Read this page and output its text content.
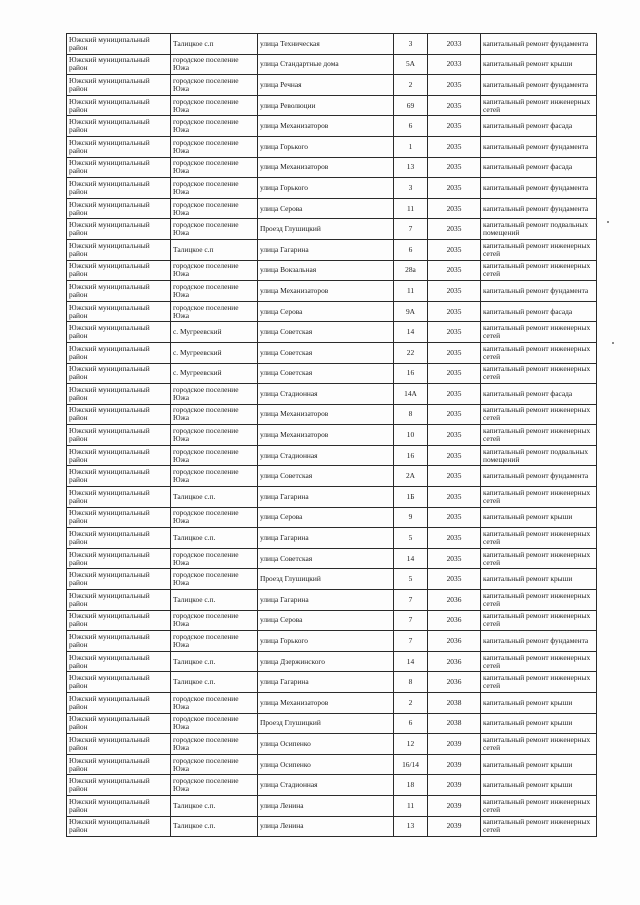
Южский муниципальный район	Талицкое с.п	улица Техническая	3	2033	капитальный ремонт фундамента
Южский муниципальный район	городское поселение Южа	улица Стандартные дома	5А	2033	капитальный ремонт крыши
Южский муниципальный район	городское поселение Южа	улица Речная	2	2035	капитальный ремонт фундамента
Южский муниципальный район	городское поселение Южа	улица Революции	69	2035	капитальный ремонт инженерных сетей
Южский муниципальный район	городское поселение Южа	улица Механизаторов	6	2035	капитальный ремонт фасада
Южский муниципальный район	городское поселение Южа	улица Горького	1	2035	капитальный ремонт фундамента
Южский муниципальный район	городское поселение Южа	улица Механизаторов	13	2035	капитальный ремонт фасада
Южский муниципальный район	городское поселение Южа	улица Горького	3	2035	капитальный ремонт фундамента
Южский муниципальный район	городское поселение Южа	улица Серова	11	2035	капитальный ремонт фундамента
Южский муниципальный район	городское поселение Южа	Проезд Глушицкий	7	2035	капитальный ремонт подвальных помещений
Южский муниципальный район	Талицкое с.п	улица Гагарина	6	2035	капитальный ремонт инженерных сетей
Южский муниципальный район	городское поселение Южа	улица Вокзальная	28а	2035	капитальный ремонт инженерных сетей
Южский муниципальный район	городское поселение Южа	улица Механизаторов	11	2035	капитальный ремонт фундамента
Южский муниципальный район	городское поселение Южа	улица Серова	9А	2035	капитальный ремонт фасада
Южский муниципальный район	с. Мугреевский	улица Советская	14	2035	капитальный ремонт инженерных сетей
Южский муниципальный район	с. Мугреевский	улица Советская	22	2035	капитальный ремонт инженерных сетей
Южский муниципальный район	с. Мугреевский	улица Советская	16	2035	капитальный ремонт инженерных сетей
Южский муниципальный район	городское поселение Южа	улица Стадионная	14А	2035	капитальный ремонт фасада
Южский муниципальный район	городское поселение Южа	улица Механизаторов	8	2035	капитальный ремонт инженерных сетей
Южский муниципальный район	городское поселение Южа	улица Механизаторов	10	2035	капитальный ремонт инженерных сетей
Южский муниципальный район	городское поселение Южа	улица Стадионная	16	2035	капитальный ремонт подвальных помещений
Южский муниципальный район	городское поселение Южа	улица Советская	2А	2035	капитальный ремонт фундамента
Южский муниципальный район	Талицкое с.п.	улица Гагарина	1Б	2035	капитальный ремонт инженерных сетей
Южский муниципальный район	городское поселение Южа	улица Серова	9	2035	капитальный ремонт крыши
Южский муниципальный район	Талицкое с.п.	улица Гагарина	5	2035	капитальный ремонт инженерных сетей
Южский муниципальный район	городское поселение Южа	улица Советская	14	2035	капитальный ремонт инженерных сетей
Южский муниципальный район	городское поселение Южа	Проезд Глушицкий	5	2035	капитальный ремонт крыши
Южский муниципальный район	Талицкое с.п.	улица Гагарина	7	2036	капитальный ремонт инженерных сетей
Южский муниципальный район	городское поселение Южа	улица Серова	7	2036	капитальный ремонт инженерных сетей
Южский муниципальный район	городское поселение Южа	улица Горького	7	2036	капитальный ремонт фундамента
Южский муниципальный район	Талицкое с.п.	улица Дзержинского	14	2036	капитальный ремонт инженерных сетей
Южский муниципальный район	Талицкое с.п.	улица Гагарина	8	2036	капитальный ремонт инженерных сетей
Южский муниципальный район	городское поселение Южа	улица Механизаторов	2	2038	капитальный ремонт крыши
Южский муниципальный район	городское поселение Южа	Проезд Глушицкий	6	2038	капитальный ремонт крыши
Южский муниципальный район	городское поселение Южа	улица Осипенко	12	2039	капитальный ремонт инженерных сетей
Южский муниципальный район	городское поселение Южа	улица Осипенко	16/14	2039	капитальный ремонт крыши
Южский муниципальный район	городское поселение Южа	улица Стадионная	18	2039	капитальный ремонт крыши
Южский муниципальный район	Талицкое с.п.	улица Ленина	11	2039	капитальный ремонт инженерных сетей
Южский муниципальный район	Талицкое с.п.	улица Ленина	13	2039	капитальный ремонт инженерных сетей
